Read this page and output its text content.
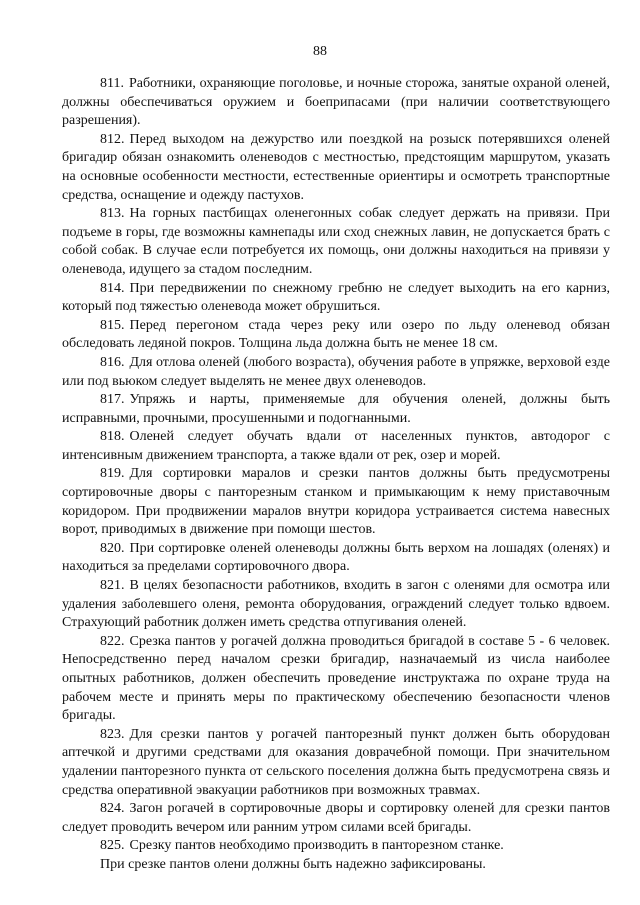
88

811. Работники, охраняющие поголовье, и ночные сторожа, занятые охраной оленей, должны обеспечиваться оружием и боеприпасами (при наличии соответствующего разрешения).

812. Перед выходом на дежурство или поездкой на розыск потерявшихся оленей бригадир обязан ознакомить оленеводов с местностью, предстоящим маршрутом, указать на основные особенности местности, естественные ориентиры и осмотреть транспортные средства, оснащение и одежду пастухов.

813. На горных пастбищах оленегонных собак следует держать на привязи. При подъеме в горы, где возможны камнепады или сход снежных лавин, не допускается брать с собой собак. В случае если потребуется их помощь, они должны находиться на привязи у оленевода, идущего за стадом последним.

814. При передвижении по снежному гребню не следует выходить на его карниз, который под тяжестью оленевода может обрушиться.

815. Перед перегоном стада через реку или озеро по льду оленевод обязан обследовать ледяной покров. Толщина льда должна быть не менее 18 см.

816. Для отлова оленей (любого возраста), обучения работе в упряжке, верховой езде или под вьюком следует выделять не менее двух оленеводов.

817. Упряжь и нарты, применяемые для обучения оленей, должны быть исправными, прочными, просушенными и подогнанными.

818. Оленей следует обучать вдали от населенных пунктов, автодорог с интенсивным движением транспорта, а также вдали от рек, озер и морей.

819. Для сортировки маралов и срезки пантов должны быть предусмотрены сортировочные дворы с панторезным станком и примыкающим к нему приставочным коридором. При продвижении маралов внутри коридора устраивается система навесных ворот, приводимых в движение при помощи шестов.

820. При сортировке оленей оленеводы должны быть верхом на лошадях (оленях) и находиться за пределами сортировочного двора.

821. В целях безопасности работников, входить в загон с оленями для осмотра или удаления заболевшего оленя, ремонта оборудования, ограждений следует только вдвоем. Страхующий работник должен иметь средства отпугивания оленей.

822. Срезка пантов у рогачей должна проводиться бригадой в составе 5 - 6 человек. Непосредственно перед началом срезки бригадир, назначаемый из числа наиболее опытных работников, должен обеспечить проведение инструктажа по охране труда на рабочем месте и принять меры по практическому обеспечению безопасности членов бригады.

823. Для срезки пантов у рогачей панторезный пункт должен быть оборудован аптечкой и другими средствами для оказания доврачебной помощи. При значительном удалении панторезного пункта от сельского поселения должна быть предусмотрена связь и средства оперативной эвакуации работников при возможных травмах.

824. Загон рогачей в сортировочные дворы и сортировку оленей для срезки пантов следует проводить вечером или ранним утром силами всей бригады.

825. Срезку пантов необходимо производить в панторезном станке.

При срезке пантов олени должны быть надежно зафиксированы.
